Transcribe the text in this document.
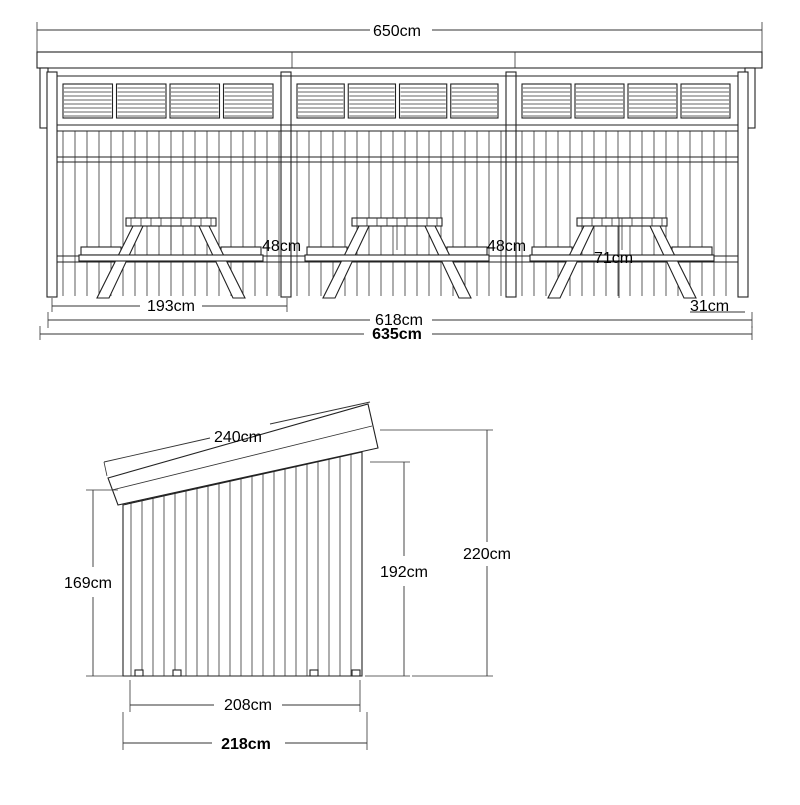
650cm
48cm	48cm
71cm
193cm	31cm
618cm
635cm
240cm
169cm
192cm
220cm
208cm
218cm
